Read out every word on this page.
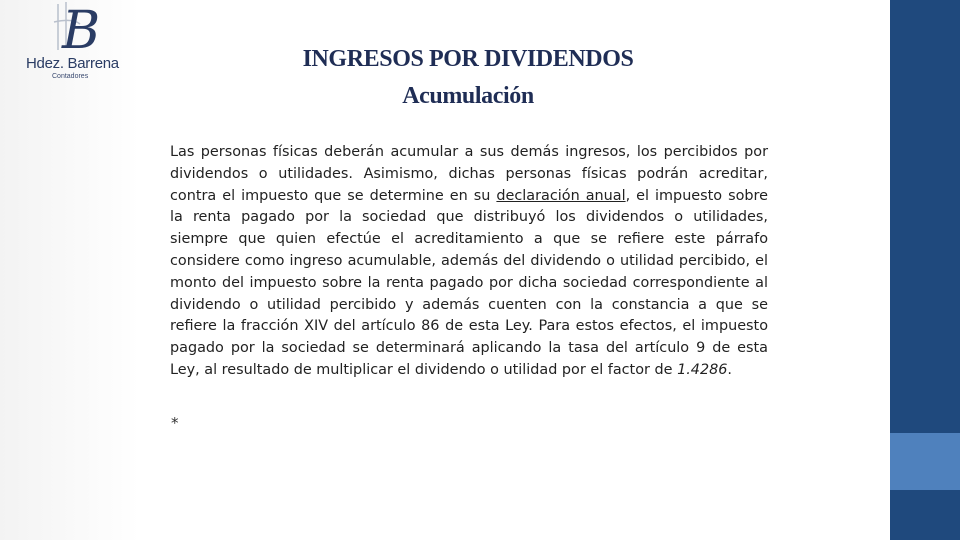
B
Hdez. Barrena
Contadores
INGRESOS POR DIVIDENDOS
Acumulación

Las personas físicas deberán acumular a sus demás ingresos, los percibidos por dividendos o utilidades. Asimismo, dichas personas físicas podrán acreditar, contra el impuesto que se determine en su declaración anual, el impuesto sobre la renta pagado por la sociedad que distribuyó los dividendos o utilidades, siempre que quien efectúe el acreditamiento a que se refiere este párrafo considere como ingreso acumulable, además del dividendo o utilidad percibido, el monto del impuesto sobre la renta pagado por dicha sociedad correspondiente al dividendo o utilidad percibido y además cuenten con la constancia a que se refiere la fracción XIV del artículo 86 de esta Ley. Para estos efectos, el impuesto pagado por la sociedad se determinará aplicando la tasa del artículo 9 de esta Ley, al resultado de multiplicar el dividendo o utilidad por el factor de 1.4286.

*
